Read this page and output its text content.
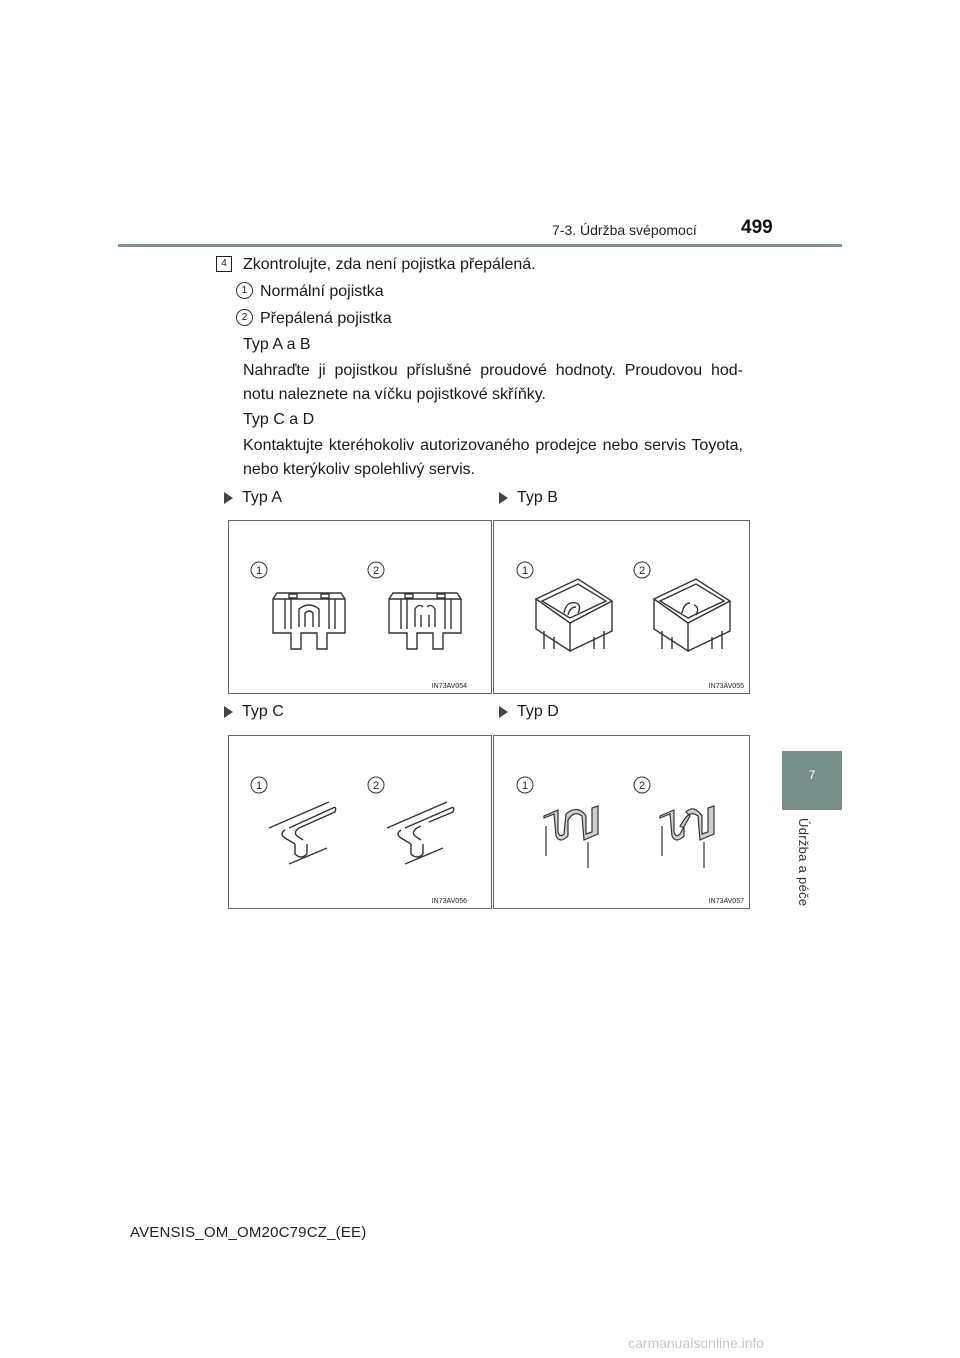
7-3. Údržba svépomocí 499
7
Údržba a péče
4	Zkontrolujte, zda není pojistka přepálená.
1 Normální pojistka
2 Přepálená pojistka
Typ A a B
Nahraďte ji pojistkou příslušné proudové hodnoty. Proudovou hod-notu naleznete na víčku pojistkové skříňky.
Typ C a D
Kontaktujte kteréhokoliv autorizovaného prodejce nebo servis Toyota, nebo kterýkoliv spolehlivý servis.
Typ A	Typ B
Typ C	Typ D
1	2
IN73AV054
1	2
IN73AV055
1	2
IN73AV056
1	2
IN73AV057
AVENSIS_OM_OM20C79CZ_(EE)
carmanualsonline.info
